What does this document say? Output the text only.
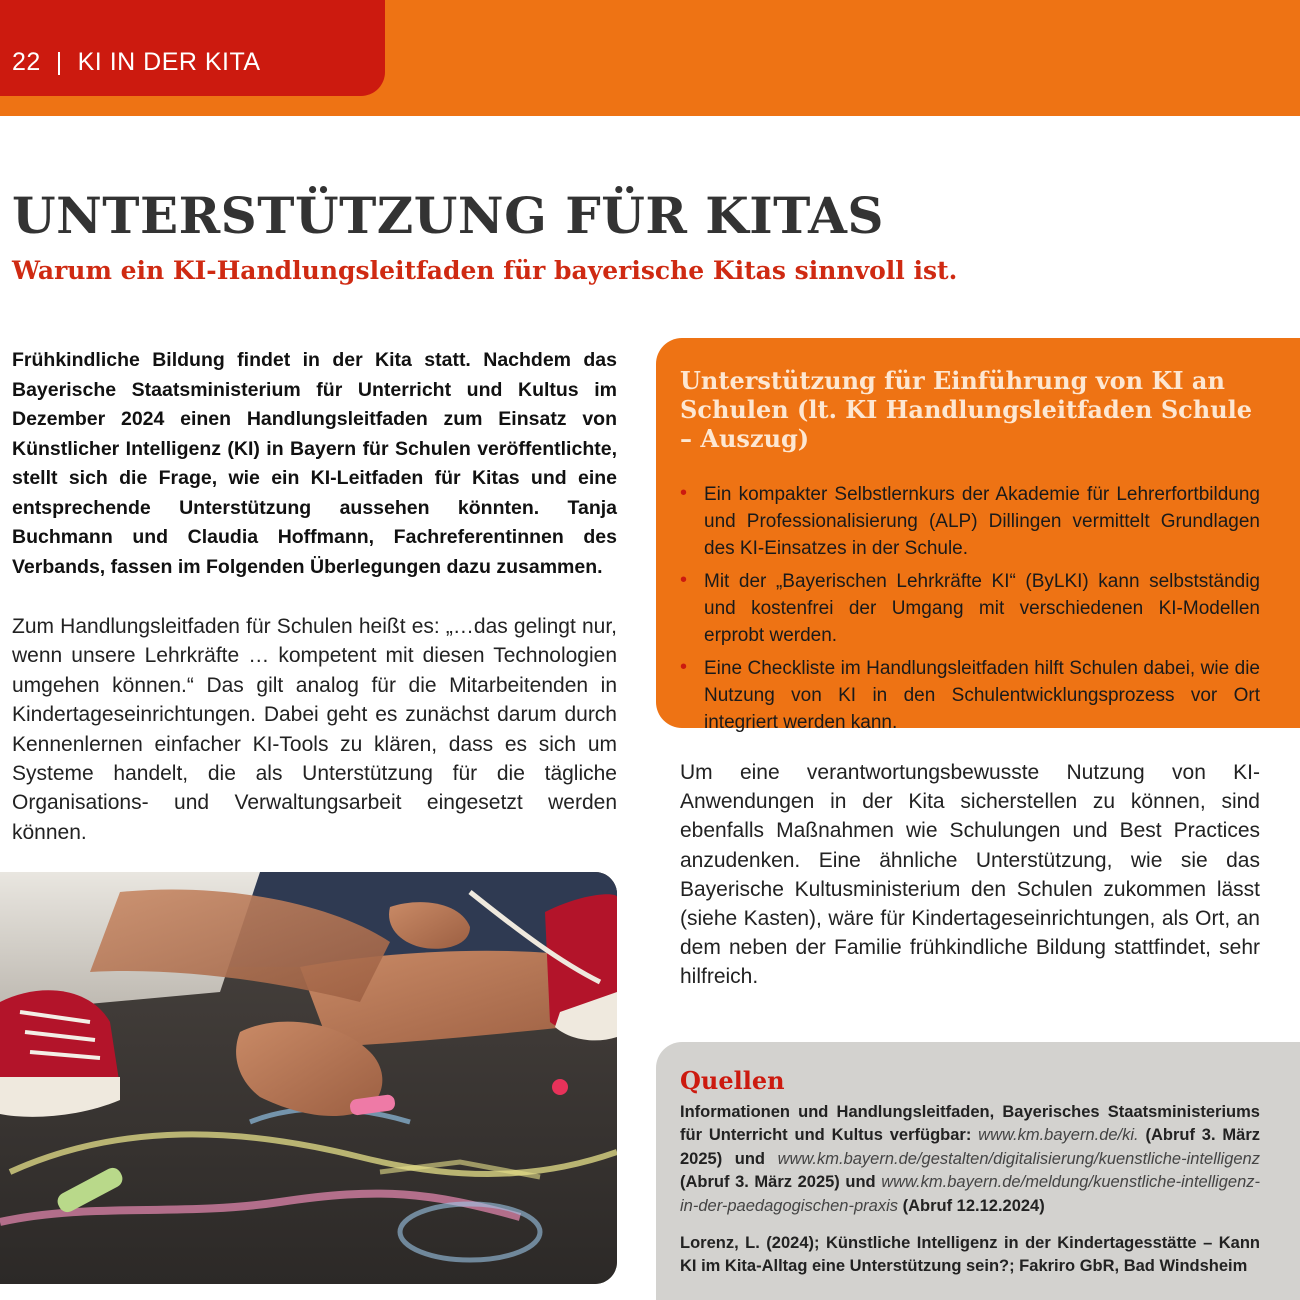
22 | KI IN DER KITA
UNTERSTÜTZUNG FÜR KITAS
Warum ein KI-Handlungsleitfaden für bayerische Kitas sinnvoll ist.

Frühkindliche Bildung findet in der Kita statt. Nachdem das Bayerische Staatsministerium für Unterricht und Kultus im Dezember 2024 einen Handlungsleitfaden zum Einsatz von Künstlicher Intelligenz (KI) in Bayern für Schulen veröffentlichte, stellt sich die Frage, wie ein KI-Leitfaden für Kitas und eine entsprechende Unterstützung aussehen könnten. Tanja Buchmann und Claudia Hoffmann, Fachreferentinnen des Verbands, fassen im Folgenden Überlegungen dazu zusammen.

Zum Handlungsleitfaden für Schulen heißt es: „…das gelingt nur, wenn unsere Lehrkräfte … kompetent mit diesen Technologien umgehen können.“ Das gilt analog für die Mitarbeitenden in Kindertageseinrichtungen. Dabei geht es zunächst darum durch Kennenlernen einfacher KI-Tools zu klären, dass es sich um Systeme handelt, die als Unterstützung für die tägliche Organisations- und Verwaltungsarbeit eingesetzt werden können.

Unterstützung für Einführung von KI an Schulen (lt. KI Handlungsleitfaden Schule – Auszug)
• Ein kompakter Selbstlernkurs der Akademie für Lehrerfortbildung und Professionalisierung (ALP) Dillingen vermittelt Grundlagen des KI-Einsatzes in der Schule.
• Mit der „Bayerischen Lehrkräfte KI“ (ByLKI) kann selbstständig und kostenfrei der Umgang mit verschiedenen KI-Modellen erprobt werden.
• Eine Checkliste im Handlungsleitfaden hilft Schulen dabei, wie die Nutzung von KI in den Schulentwicklungsprozess vor Ort integriert werden kann.

Um eine verantwortungsbewusste Nutzung von KI-Anwendungen in der Kita sicherstellen zu können, sind ebenfalls Maßnahmen wie Schulungen und Best Practices anzudenken. Eine ähnliche Unterstützung, wie sie das Bayerische Kultusministerium den Schulen zukommen lässt (siehe Kasten), wäre für Kindertageseinrichtungen, als Ort, an dem neben der Familie frühkindliche Bildung stattfindet, sehr hilfreich.

Quellen

Informationen und Handlungsleitfaden, Bayerisches Staatsministeriums für Unterricht und Kultus verfügbar: www.km.bayern.de/ki. (Abruf 3. März 2025) und www.km.bayern.de/gestalten/digitalisierung/kuenstliche-intelligenz (Abruf 3. März 2025) und www.km.bayern.de/meldung/kuenstliche-intelligenz-in-der-paedagogischen-praxis (Abruf 12.12.2024)

Lorenz, L. (2024); Künstliche Intelligenz in der Kindertagesstätte – Kann KI im Kita-Alltag eine Unterstützung sein?; Fakriro GbR, Bad Windsheim
